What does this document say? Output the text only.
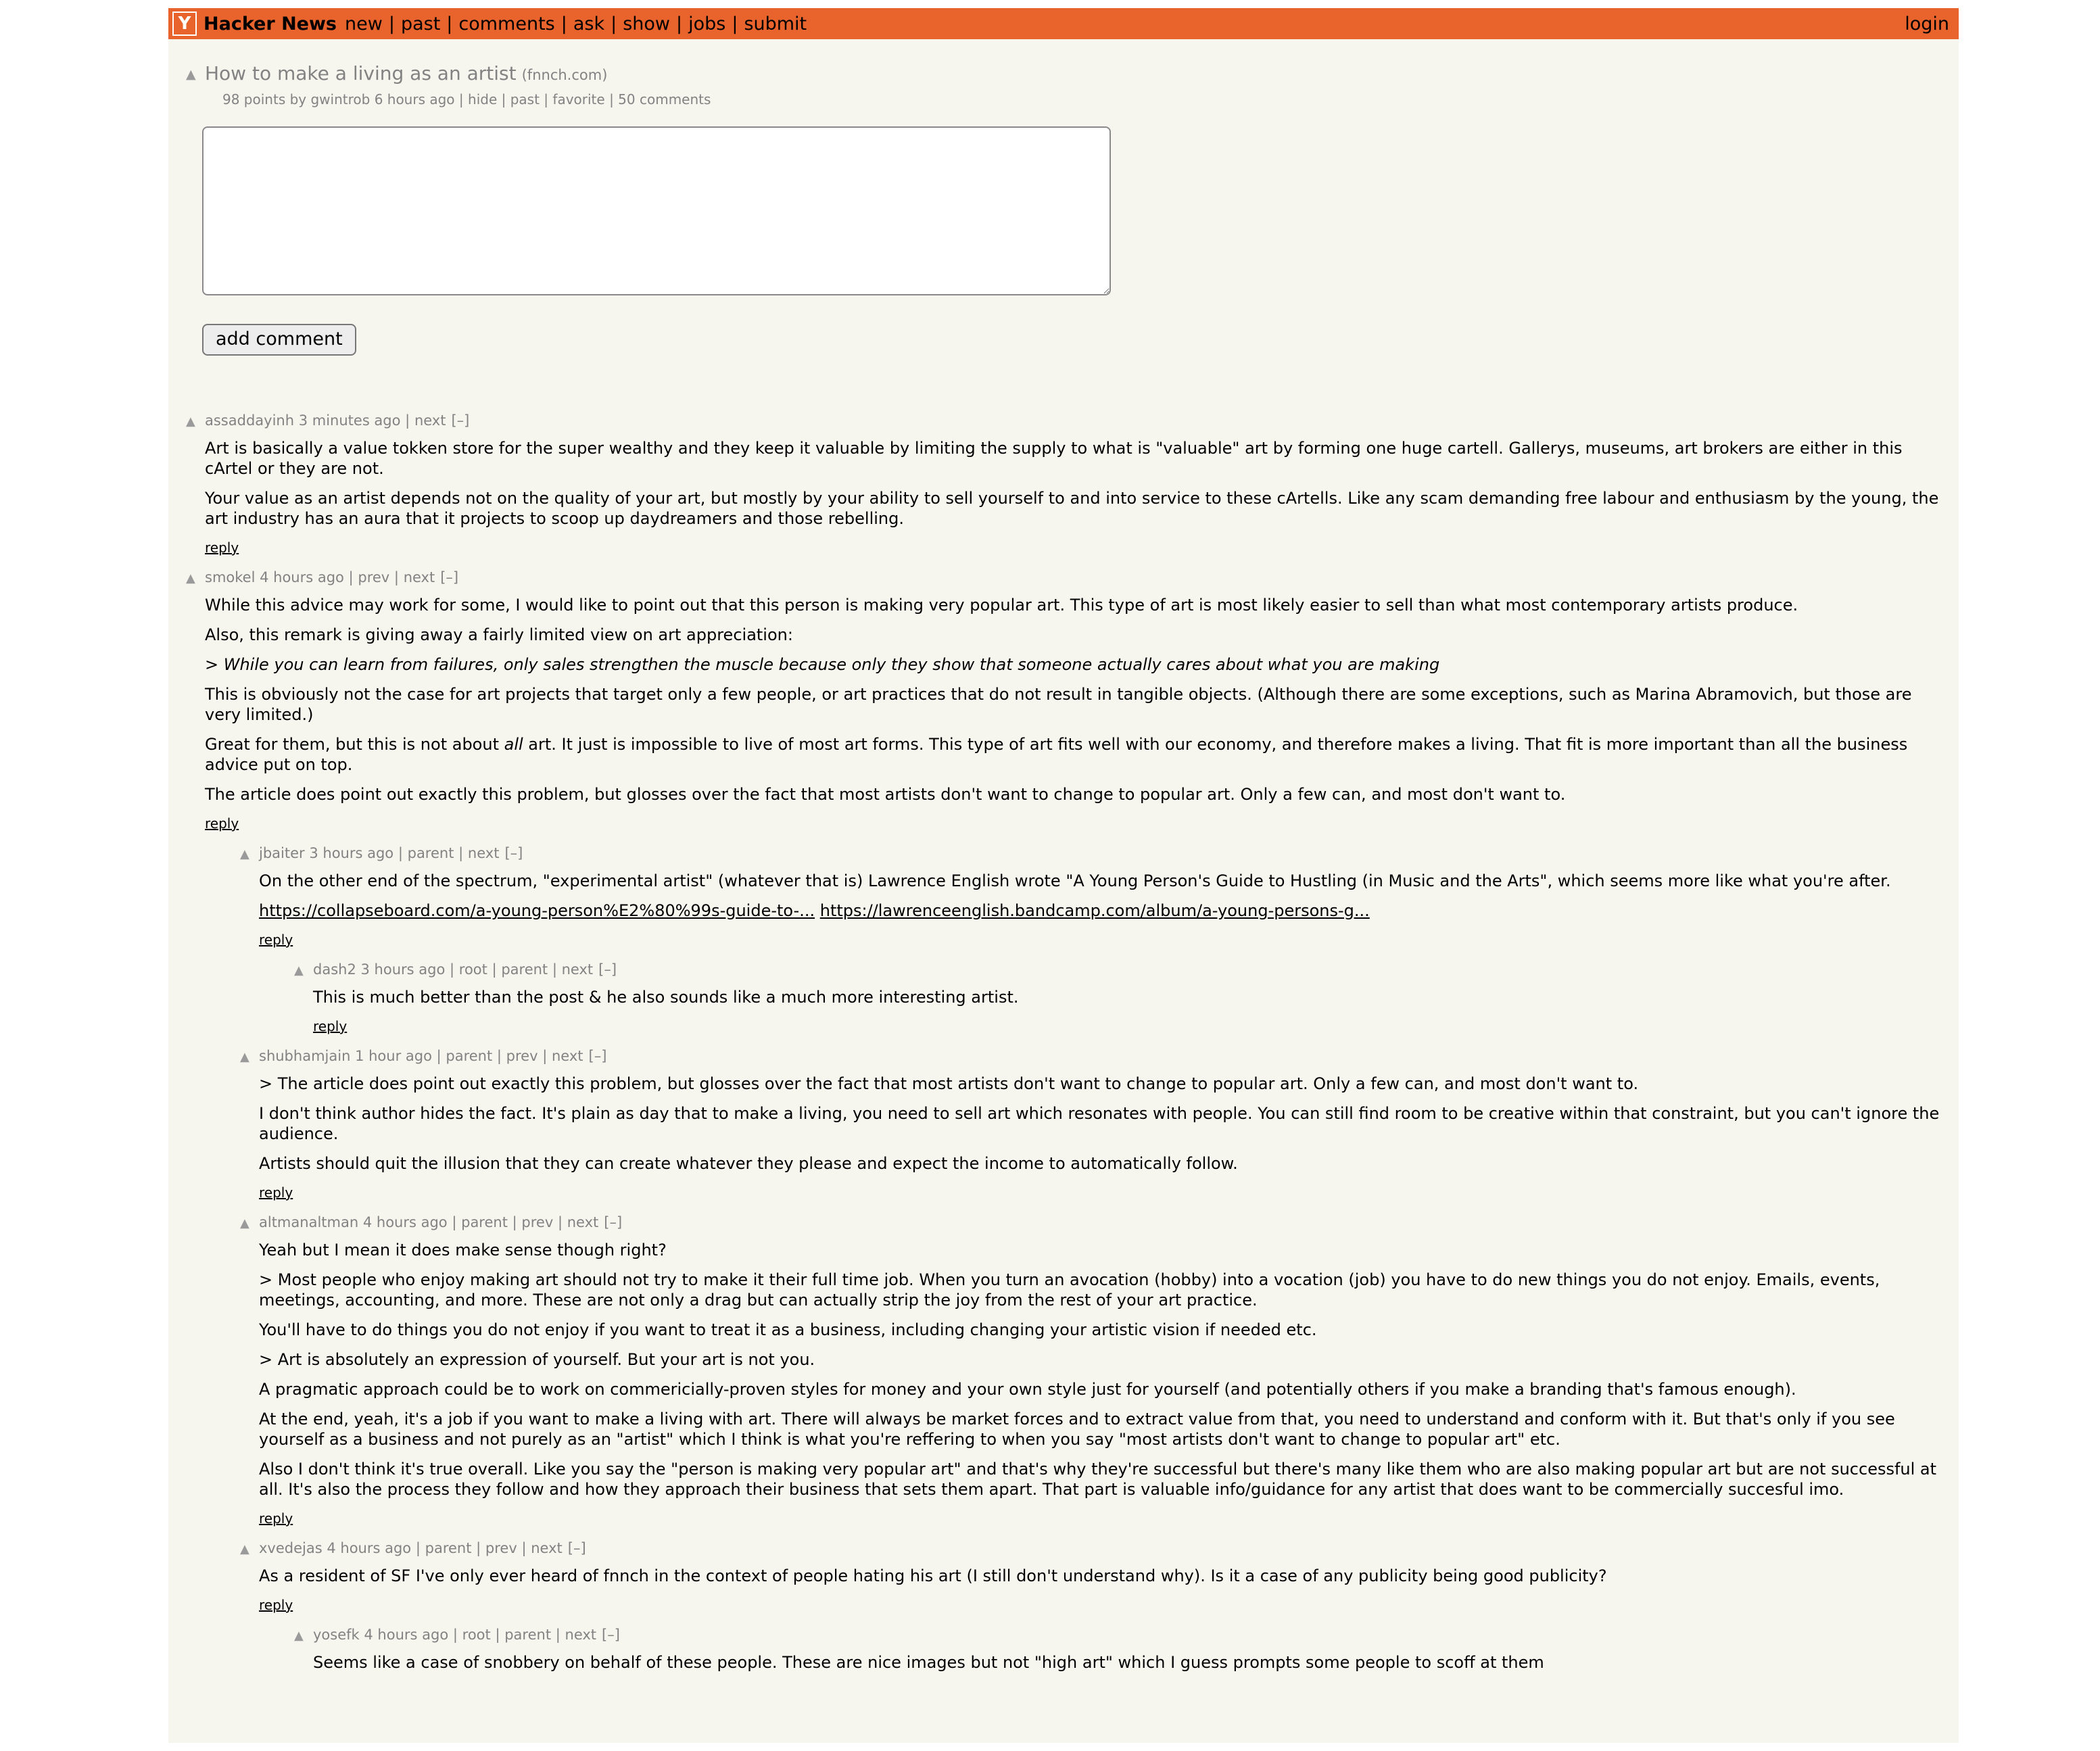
Y Hacker News new | past | comments | ask | show | jobs | submit	login
▲ How to make a living as an artist (fnnch.com)
98 points by gwintrob 6 hours ago | hide | past | favorite | 50 comments
add comment
▲ assaddayinh 3 minutes ago | next [–]

Art is basically a value tokken store for the super wealthy and they keep it valuable by limiting the supply to what is "valuable" art by forming one huge cartell. Gallerys, museums, art brokers are either in this cArtel or they are not.

Your value as an artist depends not on the quality of your art, but mostly by your ability to sell yourself to and into service to these cArtells. Like any scam demanding free labour and enthusiasm by the young, the art industry has an aura that it projects to scoop up daydreamers and those rebelling.

reply
▲ smokel 4 hours ago | prev | next [–]

While this advice may work for some, I would like to point out that this person is making very popular art. This type of art is most likely easier to sell than what most contemporary artists produce.

Also, this remark is giving away a fairly limited view on art appreciation:

> While you can learn from failures, only sales strengthen the muscle because only they show that someone actually cares about what you are making

This is obviously not the case for art projects that target only a few people, or art practices that do not result in tangible objects. (Although there are some exceptions, such as Marina Abramovich, but those are very limited.)

Great for them, but this is not about all art. It just is impossible to live of most art forms. This type of art fits well with our economy, and therefore makes a living. That fit is more important than all the business advice put on top.

The article does point out exactly this problem, but glosses over the fact that most artists don't want to change to popular art. Only a few can, and most don't want to.

reply
▲ jbaiter 3 hours ago | parent | next [–]

On the other end of the spectrum, "experimental artist" (whatever that is) Lawrence English wrote "A Young Person's Guide to Hustling (in Music and the Arts", which seems more like what you're after.

https://collapseboard.com/a-young-person%E2%80%99s-guide-to-... https://lawrenceenglish.bandcamp.com/album/a-young-persons-g...

reply
▲ dash2 3 hours ago | root | parent | next [–]

This is much better than the post & he also sounds like a much more interesting artist.

reply
▲ shubhamjain 1 hour ago | parent | prev | next [–]

> The article does point out exactly this problem, but glosses over the fact that most artists don't want to change to popular art. Only a few can, and most don't want to.

I don't think author hides the fact. It's plain as day that to make a living, you need to sell art which resonates with people. You can still find room to be creative within that constraint, but you can't ignore the audience.

Artists should quit the illusion that they can create whatever they please and expect the income to automatically follow.

reply
▲ altmanaltman 4 hours ago | parent | prev | next [–]

Yeah but I mean it does make sense though right?

> Most people who enjoy making art should not try to make it their full time job. When you turn an avocation (hobby) into a vocation (job) you have to do new things you do not enjoy. Emails, events, meetings, accounting, and more. These are not only a drag but can actually strip the joy from the rest of your art practice.

You'll have to do things you do not enjoy if you want to treat it as a business, including changing your artistic vision if needed etc.

> Art is absolutely an expression of yourself. But your art is not you.

A pragmatic approach could be to work on commericially-proven styles for money and your own style just for yourself (and potentially others if you make a branding that's famous enough).

At the end, yeah, it's a job if you want to make a living with art. There will always be market forces and to extract value from that, you need to understand and conform with it. But that's only if you see yourself as a business and not purely as an "artist" which I think is what you're reffering to when you say "most artists don't want to change to popular art" etc.

Also I don't think it's true overall. Like you say the "person is making very popular art" and that's why they're successful but there's many like them who are also making popular art but are not successful at all. It's also the process they follow and how they approach their business that sets them apart. That part is valuable info/guidance for any artist that does want to be commercially succesful imo.

reply
▲ xvedejas 4 hours ago | parent | prev | next [–]

As a resident of SF I've only ever heard of fnnch in the context of people hating his art (I still don't understand why). Is it a case of any publicity being good publicity?

reply
▲ yosefk 4 hours ago | root | parent | next [–]

Seems like a case of snobbery on behalf of these people. These are nice images but not "high art" which I guess prompts some people to scoff at them
